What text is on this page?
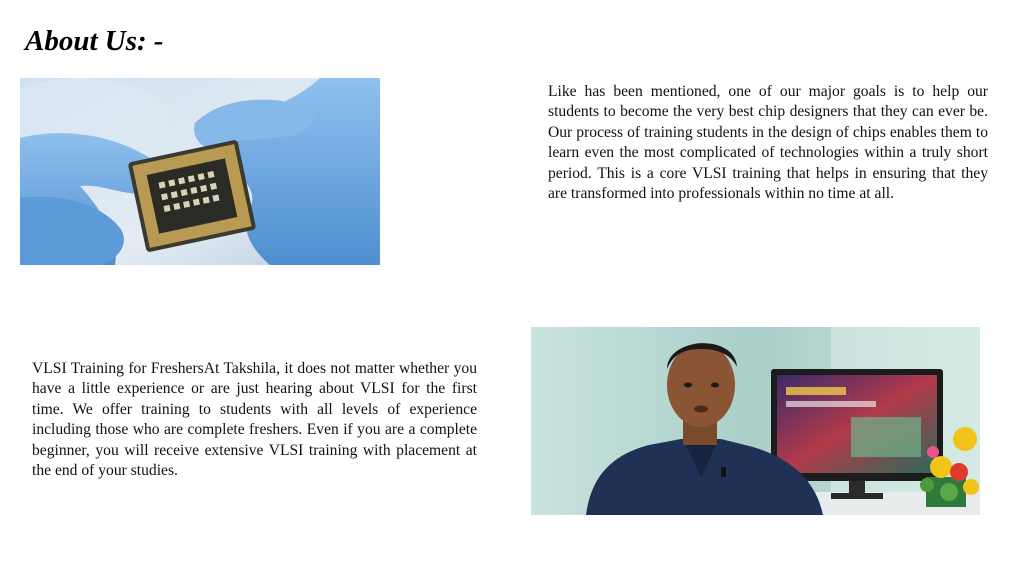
About Us: -

Like has been mentioned, one of our major goals is to help our students to become the very best chip designers that they can ever be. Our process of training students in the design of chips enables them to learn even the most complicated of technologies within a truly short period. This is a core VLSI training that helps in ensuring that they are transformed into professionals within no time at all.

VLSI Training for FreshersAt Takshila, it does not matter whether you have a little experience or are just hearing about VLSI for the first time. We offer training to students with all levels of experience including those who are complete freshers. Even if you are a complete beginner, you will receive extensive VLSI training with placement at the end of your studies.
